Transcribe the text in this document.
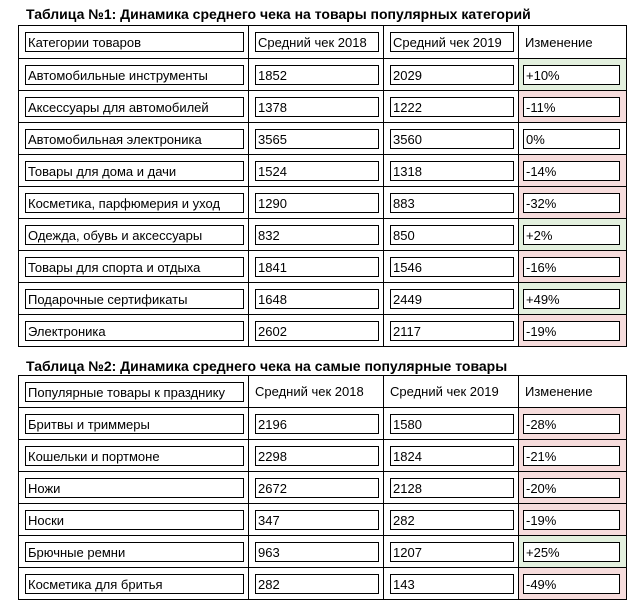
Таблица №1: Динамика среднего чека на товары популярных категорий
Категории товаров	Средний чек 2018	Средний чек 2019	Изменение

Автомобильные инструменты	1852	2029	+10%

Аксессуары для автомобилей	1378	1222	-11%

Автомобильная электроника	3565	3560	0%

Товары для дома и дачи	1524	1318	-14%

Косметика, парфюмерия и уход	1290	883	-32%

Одежда, обувь и аксессуары	832	850	+2%

Товары для спорта и отдыха	1841	1546	-16%

Подарочные сертификаты	1648	2449	+49%

Электроника	2602	2117	-19%
Таблица №2: Динамика среднего чека на самые популярные товары
Популярные товары к празднику	Средний чек 2018	Средний чек 2019	Изменение

Бритвы и триммеры	2196	1580	-28%

Кошельки и портмоне	2298	1824	-21%

Ножи	2672	2128	-20%

Носки	347	282	-19%

Брючные ремни	963	1207	+25%

Косметика для бритья	282	143	-49%
